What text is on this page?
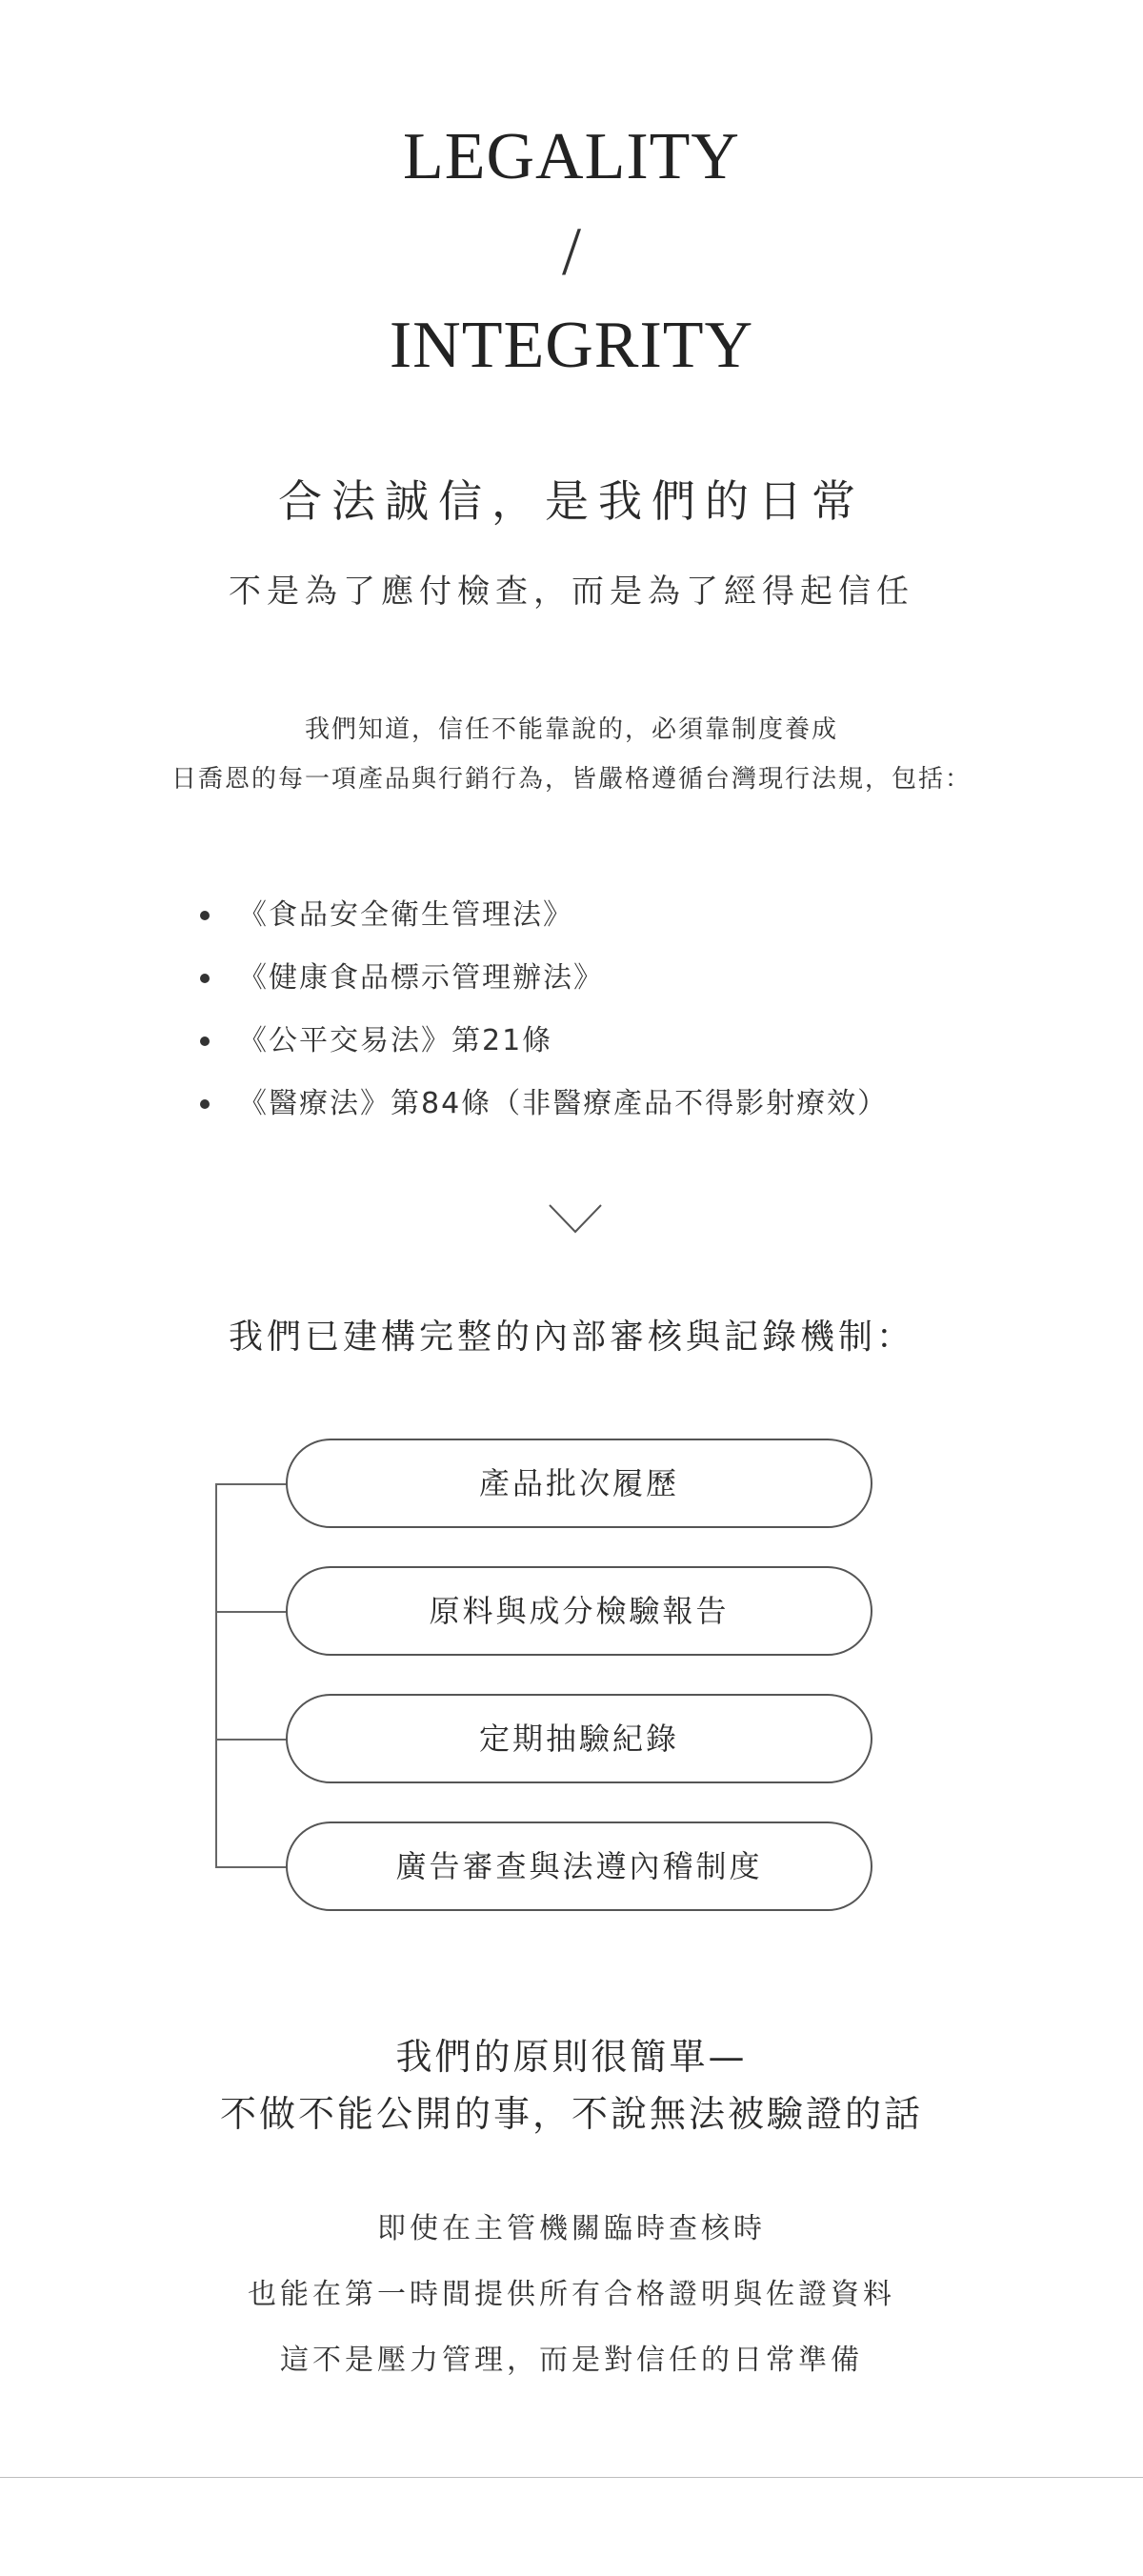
LEGALITY
/
INTEGRITY
合法誠信，是我們的日常
不是為了應付檢查，而是為了經得起信任
我們知道，信任不能靠說的，必須靠制度養成
日喬恩的每一項產品與行銷行為，皆嚴格遵循台灣現行法規，包括：
《食品安全衛生管理法》
《健康食品標示管理辦法》
《公平交易法》第21條
《醫療法》第84條（非醫療產品不得影射療效）
我們已建構完整的內部審核與記錄機制：
產品批次履歷
原料與成分檢驗報告
定期抽驗紀錄
廣告審查與法遵內稽制度
我們的原則很簡單—
不做不能公開的事，不說無法被驗證的話
即使在主管機關臨時查核時
也能在第一時間提供所有合格證明與佐證資料
這不是壓力管理，而是對信任的日常準備
